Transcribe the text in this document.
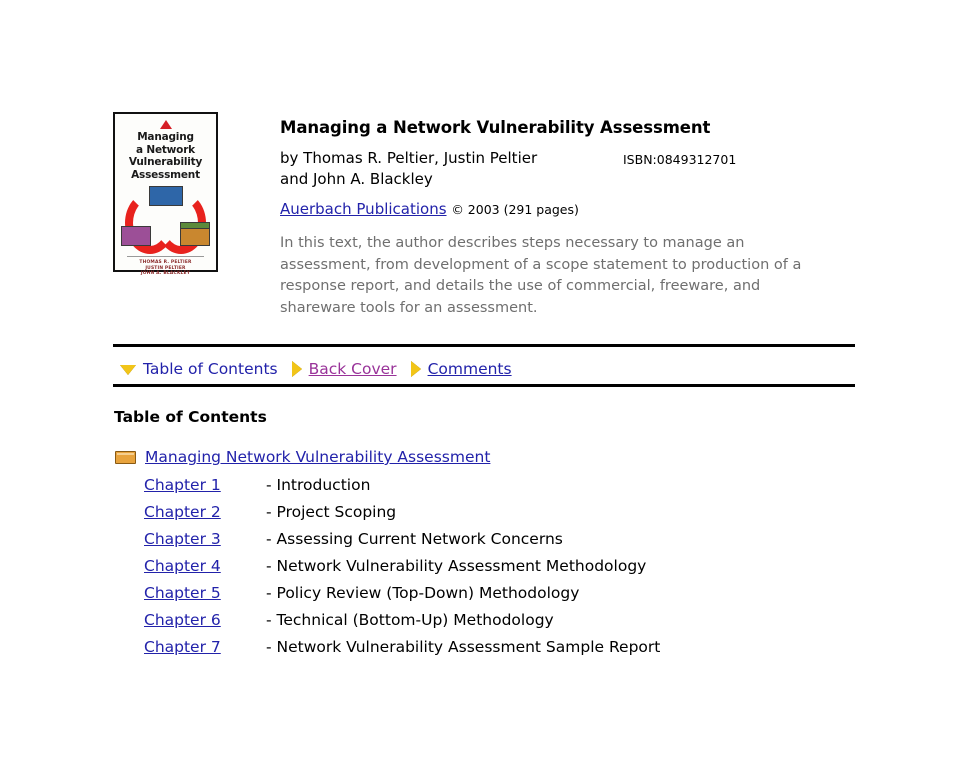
Managing
a Network
Vulnerability
Assessment
THOMAS R. PELTIER
JUSTIN PELTIER
JOHN A. BLACKLEY
Managing a Network Vulnerability Assessment
by Thomas R. Peltier, Justin Peltier and John A. Blackley
ISBN:0849312701
Auerbach Publications © 2003 (291 pages)
In this text, the author describes steps necessary to manage an assessment, from development of a scope statement to production of a response report, and details the use of commercial, freeware, and shareware tools for an assessment.
Table of Contents Back Cover Comments
Table of Contents
Managing Network Vulnerability Assessment
Chapter 1	- Introduction
Chapter 2	- Project Scoping
Chapter 3	- Assessing Current Network Concerns
Chapter 4	- Network Vulnerability Assessment Methodology
Chapter 5	- Policy Review (Top-Down) Methodology
Chapter 6	- Technical (Bottom-Up) Methodology
Chapter 7	- Network Vulnerability Assessment Sample Report
